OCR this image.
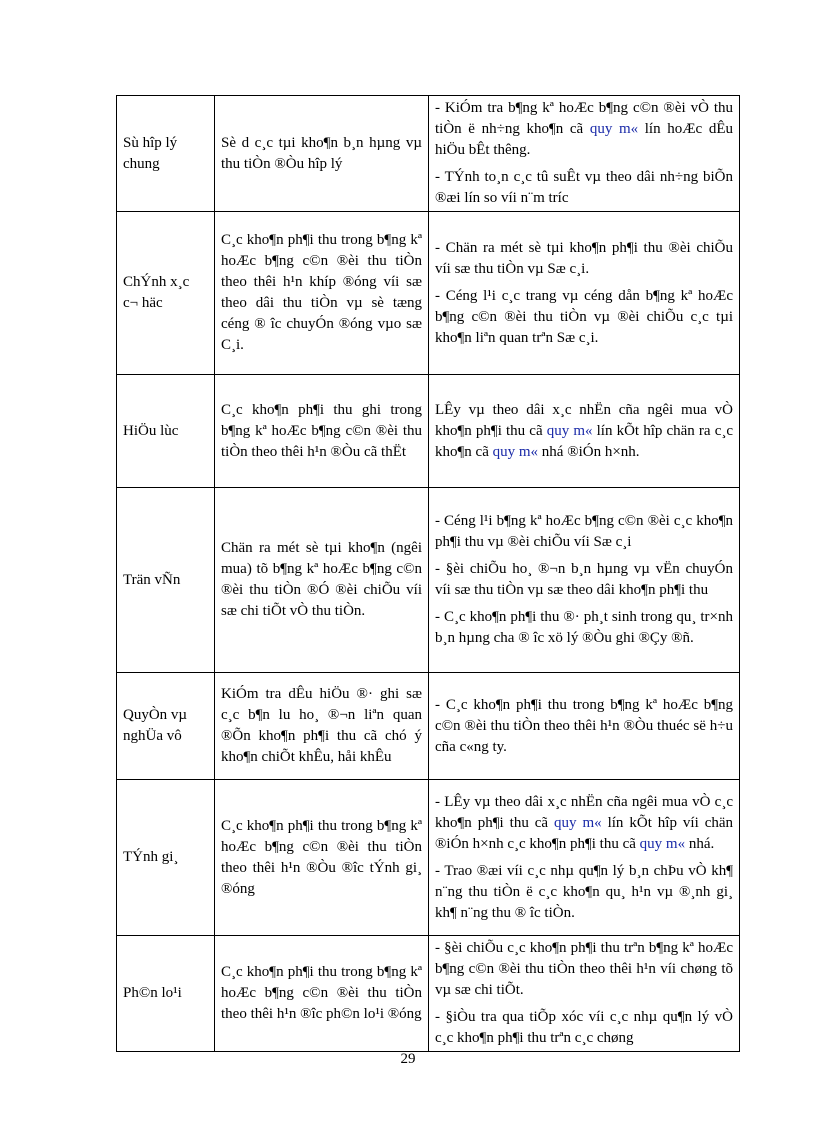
Sù hîp lý chung	Sè d c¸c tµi kho¶n b¸n hµng vµ thu tiÒn ®Òu hîp lý	- KiÓm tra b¶ng kª hoÆc b¶ng c©n ®èi vÒ thu tiÒn ë nh÷ng kho¶n cã quy m« lín hoÆc dÊu hiÖu bÊt thêng.

- TÝnh to¸n c¸c tû suÊt vµ theo dâi nh÷ng biÕn ®æi lín so víi n¨m tríc

ChÝnh x¸c c¬ häc	C¸c kho¶n ph¶i thu trong b¶ng kª hoÆc b¶ng c©n ®èi thu tiÒn theo thêi h¹n khíp ®óng víi sæ theo dâi thu tiÒn vµ sè tæng céng ® îc chuyÓn ®óng vµo sæ C¸i.	- Chän ra mét sè tµi kho¶n ph¶i thu ®èi chiÕu víi sæ thu tiÒn vµ Sæ c¸i.

- Céng l¹i c¸c trang vµ céng dån b¶ng kª hoÆc b¶ng c©n ®èi thu tiÒn vµ ®èi chiÕu c¸c tµi kho¶n liªn quan trªn Sæ c¸i.

HiÖu lùc	C¸c kho¶n ph¶i thu ghi trong b¶ng kª hoÆc b¶ng c©n ®èi thu tiÒn theo thêi h¹n ®Òu cã thËt	LÊy vµ theo dâi x¸c nhËn cña ngêi mua vÒ kho¶n ph¶i thu cã quy m« lín kÕt hîp chän ra c¸c kho¶n cã quy m« nhá ®iÓn h×nh.

Trän vÑn	Chän ra mét sè tµi kho¶n (ngêi mua) tõ b¶ng kª hoÆc b¶ng c©n ®èi thu tiÒn ®Ó ®èi chiÕu víi sæ chi tiÕt vÒ thu tiÒn.	- Céng l¹i b¶ng kª hoÆc b¶ng c©n ®èi c¸c kho¶n ph¶i thu vµ ®èi chiÕu víi Sæ c¸i

- §èi chiÕu ho¸ ®¬n b¸n hµng vµ vËn chuyÓn víi sæ thu tiÒn vµ sæ theo dâi kho¶n ph¶i thu

- C¸c kho¶n ph¶i thu ®· ph¸t sinh trong qu¸ tr×nh b¸n hµng cha ® îc xö lý ®Òu ghi ®Çy ®ñ.

QuyÒn vµ nghÜa vô	KiÓm tra dÊu hiÖu ®· ghi sæ c¸c b¶n lu ho¸ ®¬n liªn quan ®Õn kho¶n ph¶i thu cã chó ý kho¶n chiÕt khÊu, håi khÊu	- C¸c kho¶n ph¶i thu trong b¶ng kª hoÆc b¶ng c©n ®èi thu tiÒn theo thêi h¹n ®Òu thuéc së h÷u cña c«ng ty.

TÝnh gi¸	C¸c kho¶n ph¶i thu trong b¶ng kª hoÆc b¶ng c©n ®èi thu tiÒn theo thêi h¹n ®Òu ®îc tÝnh gi¸ ®óng	- LÊy vµ theo dâi x¸c nhËn cña ngêi mua vÒ c¸c kho¶n ph¶i thu cã quy m« lín kÕt hîp víi chän ®iÓn h×nh c¸c kho¶n ph¶i thu cã quy m« nhá.

- Trao ®æi víi c¸c nhµ qu¶n lý b¸n chÞu vÒ kh¶ n¨ng thu tiÒn ë c¸c kho¶n qu¸ h¹n vµ ®¸nh gi¸ kh¶ n¨ng thu ® îc tiÒn.

Ph©n lo¹i	C¸c kho¶n ph¶i thu trong b¶ng kª hoÆc b¶ng c©n ®èi thu tiÒn theo thêi h¹n ®îc ph©n lo¹i ®óng	- §èi chiÕu c¸c kho¶n ph¶i thu trªn b¶ng kª hoÆc b¶ng c©n ®èi thu tiÒn theo thêi h¹n víi chøng tõ vµ sæ chi tiÕt.

- §iÒu tra qua tiÕp xóc víi c¸c nhµ qu¶n lý vÒ c¸c kho¶n ph¶i thu trªn c¸c chøng

29
